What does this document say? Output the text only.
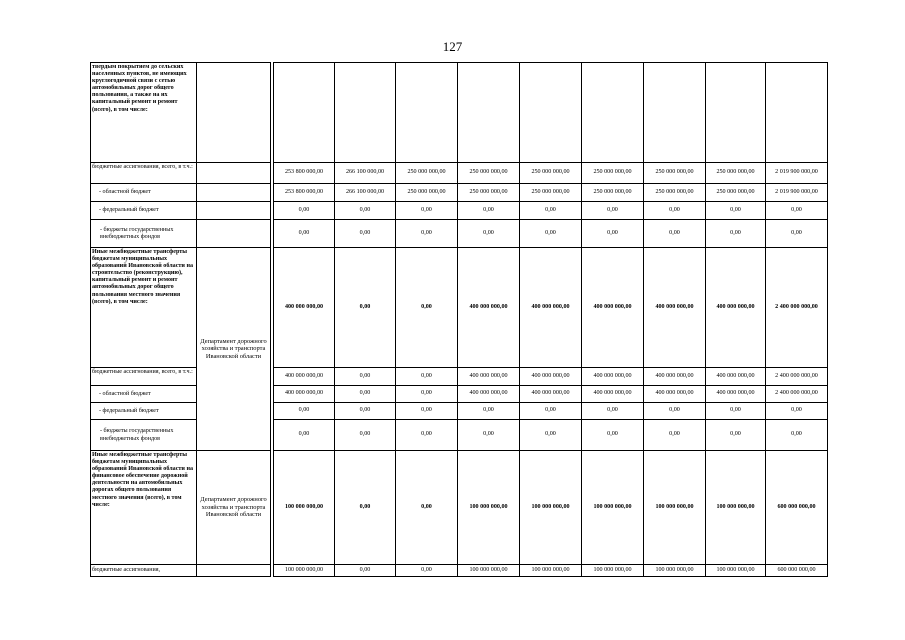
127
твердым покрытием до сельских населенных пунктов, не имеющих круглогодичной связи с сетью автомобильных дорог общего пользования, а также на их капитальный ремонт и ремонт (всего), в том числе:											
бюджетные ассигнования, всего, в т.ч.:			253 800 000,00	266 100 000,00	250 000 000,00	250 000 000,00	250 000 000,00	250 000 000,00	250 000 000,00	250 000 000,00	2 019 900 000,00
- областной бюджет			253 800 000,00	266 100 000,00	250 000 000,00	250 000 000,00	250 000 000,00	250 000 000,00	250 000 000,00	250 000 000,00	2 019 900 000,00
- федеральный бюджет			0,00	0,00	0,00	0,00	0,00	0,00	0,00	0,00	0,00
- бюджеты государственных внебюджетных фондов			0,00	0,00	0,00	0,00	0,00	0,00	0,00	0,00	0,00
Иные межбюджетные трансферты бюджетам муниципальных образований Ивановской области на строительство (реконструкцию), капитальный ремонт и ремонт автомобильных дорог общего пользования местного значения (всего), в том числе:	Департамент дорожного хозяйства и транспорта Ивановской области		400 000 000,00	0,00	0,00	400 000 000,00	400 000 000,00	400 000 000,00	400 000 000,00	400 000 000,00	2 400 000 000,00
бюджетные ассигнования, всего, в т.ч.:			400 000 000,00	0,00	0,00	400 000 000,00	400 000 000,00	400 000 000,00	400 000 000,00	400 000 000,00	2 400 000 000,00
- областной бюджет			400 000 000,00	0,00	0,00	400 000 000,00	400 000 000,00	400 000 000,00	400 000 000,00	400 000 000,00	2 400 000 000,00
- федеральный бюджет			0,00	0,00	0,00	0,00	0,00	0,00	0,00	0,00	0,00
- бюджеты государственных внебюджетных фондов			0,00	0,00	0,00	0,00	0,00	0,00	0,00	0,00	0,00
Иные межбюджетные трансферты бюджетам муниципальных образований Ивановской области на финансовое обеспечение дорожной деятельности на автомобильных дорогах общего пользования местного значения (всего), в том числе:	Департамент дорожного хозяйства и транспорта Ивановской области		100 000 000,00	0,00	0,00	100 000 000,00	100 000 000,00	100 000 000,00	100 000 000,00	100 000 000,00	600 000 000,00
бюджетные ассигнования,			100 000 000,00	0,00	0,00	100 000 000,00	100 000 000,00	100 000 000,00	100 000 000,00	100 000 000,00	600 000 000,00
